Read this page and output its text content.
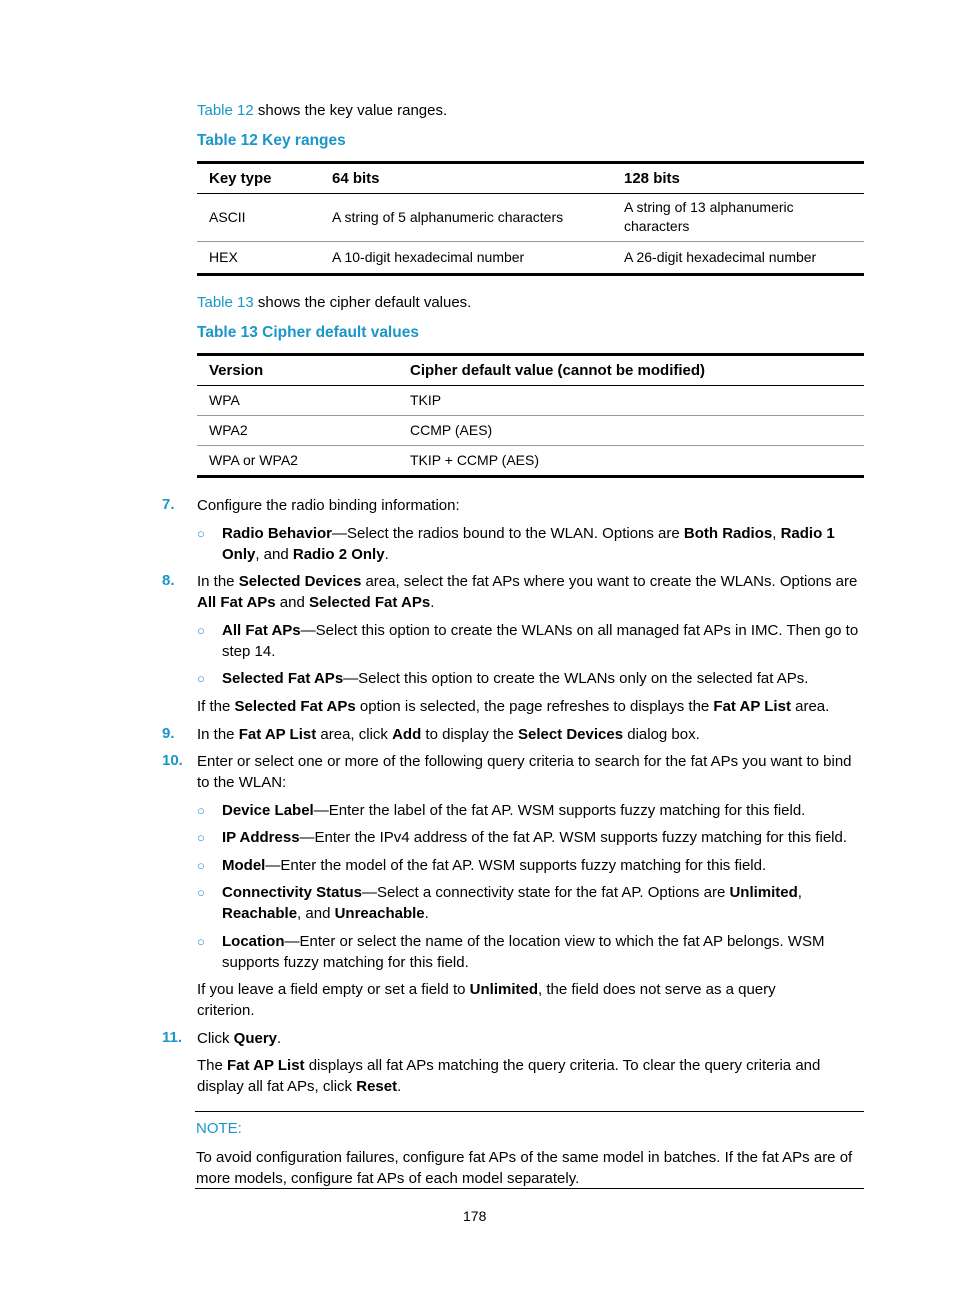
Table 12 shows the key value ranges.
Table 12 Key ranges
Key type	64 bits	128 bits
ASCII	A string of 5 alphanumeric characters	A string of 13 alphanumeric characters
HEX	A 10-digit hexadecimal number	A 26-digit hexadecimal number
Table 13 shows the cipher default values.
Table 13 Cipher default values
Version	Cipher default value (cannot be modified)
WPA	TKIP
WPA2	CCMP (AES)
WPA or WPA2	TKIP + CCMP (AES)
7. Configure the radio binding information:
○ Radio Behavior—Select the radios bound to the WLAN. Options are Both Radios, Radio 1 Only, and Radio 2 Only.
8. In the Selected Devices area, select the fat APs where you want to create the WLANs. Options are All Fat APs and Selected Fat APs.
○ All Fat APs—Select this option to create the WLANs on all managed fat APs in IMC. Then go to step 14.
○ Selected Fat APs—Select this option to create the WLANs only on the selected fat APs.
If the Selected Fat APs option is selected, the page refreshes to displays the Fat AP List area.
9. In the Fat AP List area, click Add to display the Select Devices dialog box.
10. Enter or select one or more of the following query criteria to search for the fat APs you want to bind to the WLAN:
○ Device Label—Enter the label of the fat AP. WSM supports fuzzy matching for this field.
○ IP Address—Enter the IPv4 address of the fat AP. WSM supports fuzzy matching for this field.
○ Model—Enter the model of the fat AP. WSM supports fuzzy matching for this field.
○ Connectivity Status—Select a connectivity state for the fat AP. Options are Unlimited, Reachable, and Unreachable.
○ Location—Enter or select the name of the location view to which the fat AP belongs. WSM supports fuzzy matching for this field.
If you leave a field empty or set a field to Unlimited, the field does not serve as a query criterion.
11. Click Query.
The Fat AP List displays all fat APs matching the query criteria. To clear the query criteria and display all fat APs, click Reset.
NOTE:
To avoid configuration failures, configure fat APs of the same model in batches. If the fat APs are of more models, configure fat APs of each model separately.
178
